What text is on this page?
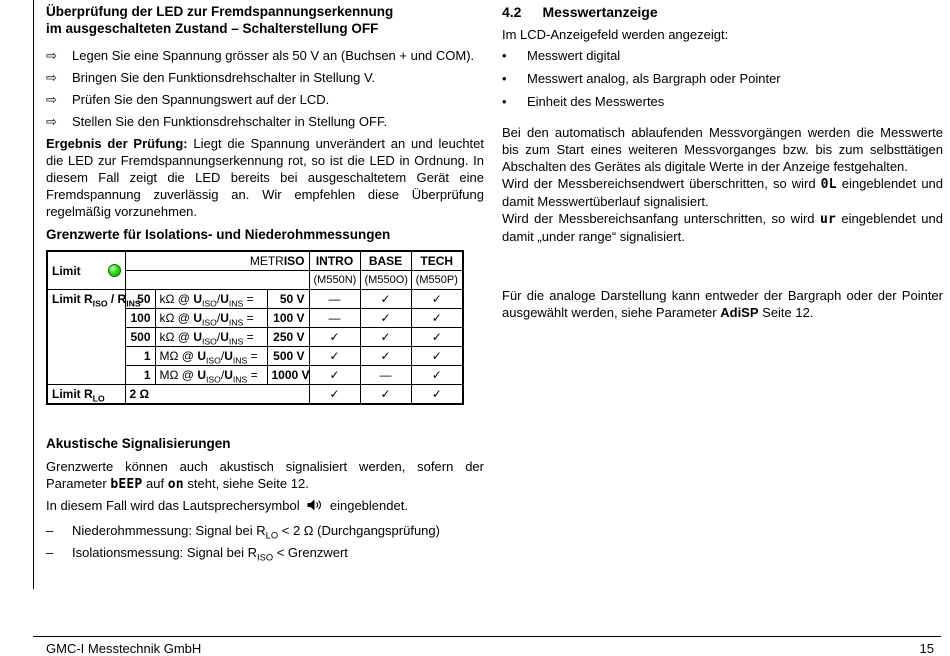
Überprüfung der LED zur Fremdspannungserkennung
im ausgeschalteten Zustand – Schalterstellung OFF
⇨	Legen Sie eine Spannung grösser als 50 V an (Buchsen + und COM).
⇨	Bringen Sie den Funktionsdrehschalter in Stellung V.
⇨	Prüfen Sie den Spannungswert auf der LCD.
⇨	Stellen Sie den Funktionsdrehschalter in Stellung OFF.

Ergebnis der Prüfung: Liegt die Spannung unverändert an und leuchtet die LED zur Fremdspannungserkennung rot, so ist die LED in Ordnung. In diesem Fall zeigt die LED bereits bei ausgeschaltetem Gerät eine Fremdspannung zuverlässig an. Wir empfehlen diese Überprüfung regelmäßig vorzunehmen.

Grenzwerte für Isolations- und Niederohmmessungen
Limit	METRISO			INTRO	BASE	TECH
				(M550N)	(M550O)	(M550P)
Limit $R_{ISO} / R_{INS}$	50	kΩ @ $U_{ISO}/U_{INS}$ =	50 V	—	✓	✓
	100	kΩ @ $U_{ISO}/U_{INS}$ =	100 V	—	✓	✓
	500	kΩ @ $U_{ISO}/U_{INS}$ =	250 V	✓	✓	✓
	1	MΩ @ $U_{ISO}/U_{INS}$ =	500 V	✓	✓	✓
	1	MΩ @ $U_{ISO}/U_{INS}$ =	1000 V	✓	—	✓
Limit $R_{LO}$	2 Ω			✓	✓	✓
Akustische Signalisierungen

Grenzwerte können auch akustisch signalisiert werden, sofern der Parameter bEEP auf on steht, siehe Seite 12.

In diesem Fall wird das Lautsprechersymbol eingeblendet.

–	Niederohmmessung: Signal bei $R_{LO} < 2$ Ω (Durchgangsprüfung)
–	Isolationsmessung: Signal bei $R_{ISO}$ < Grenzwert
4.2 Messwertanzeige

Im LCD-Anzeigefeld werden angezeigt:

•	Messwert digital
•	Messwert analog, als Bargraph oder Pointer
•	Einheit des Messwertes

Bei den automatisch ablaufenden Messvorgängen werden die Messwerte bis zum Start eines weiteren Messvorganges bzw. bis zum selbsttätigen Abschalten des Gerätes als digitale Werte in der Anzeige festgehalten.

Wird der Messbereichsendwert überschritten, so wird 0L eingeblendet und damit Messwertüberlauf signalisiert.

Wird der Messbereichsanfang unterschritten, so wird ur eingeblendet und damit „under range“ signalisiert.

Für die analoge Darstellung kann entweder der Bargraph oder der Pointer ausgewählt werden, siehe Parameter AdiSP Seite 12.

GMC-I Messtechnik GmbH	15
